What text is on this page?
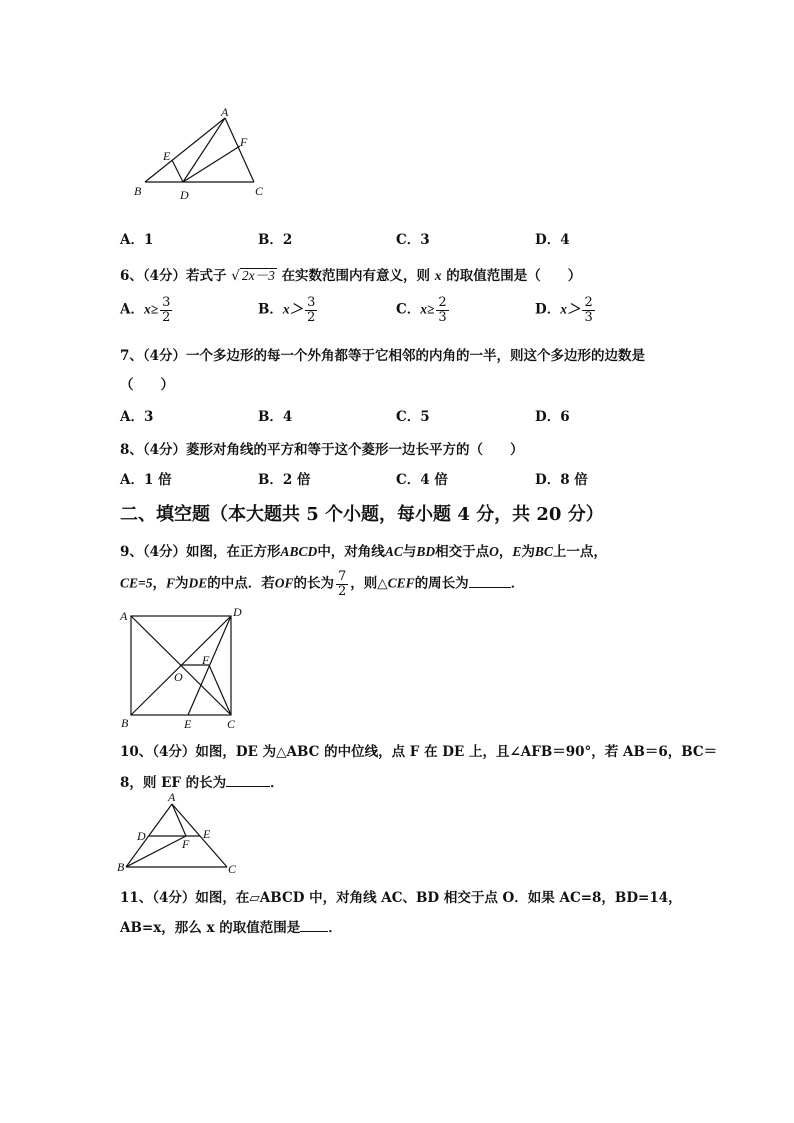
A
E
F
B	D	C
A．1	B．2	C．3	D．4
6、（4分）若式子 √ 2x－3 在实数范围内有意义，则 x 的取值范围是（　　）
A．$x\ge \frac{3}{2}$	B．$x> \frac{3}{2}$	C．$x\ge \frac{2}{3}$	D．$x> \frac{2}{3}$
7、（4分）一个多边形的每一个外角都等于它相邻的内角的一半，则这个多边形的边数是
（　　）
A．3	B．4	C．5	D．6
8、（4分）菱形对角线的平方和等于这个菱形一边长平方的（　　）
A．1 倍	B．2 倍	C．4 倍	D．8 倍
二、填空题（本大题共 5 个小题，每小题 4 分，共 20 分）
9、（4分）如图，在正方形ABCD中，对角线AC与BD相交于点O，E为BC上一点，
CE=5，F为DE的中点．若OF的长为 $\frac{7}{2}$ ，则△CEF的周长为	．
A	D
F
O
B	E	C
10、（4分）如图，DE 为△ABC 的中位线，点 F 在 DE 上，且∠AFB＝90°，若 AB＝6，BC＝
8，则 EF 的长为	．
A
D	E
F
B	C
11、（4分）如图，在▱ABCD 中，对角线 AC、BD 相交于点 O．如果 AC=8，BD=14，
AB=x，那么 x 的取值范围是 ．
